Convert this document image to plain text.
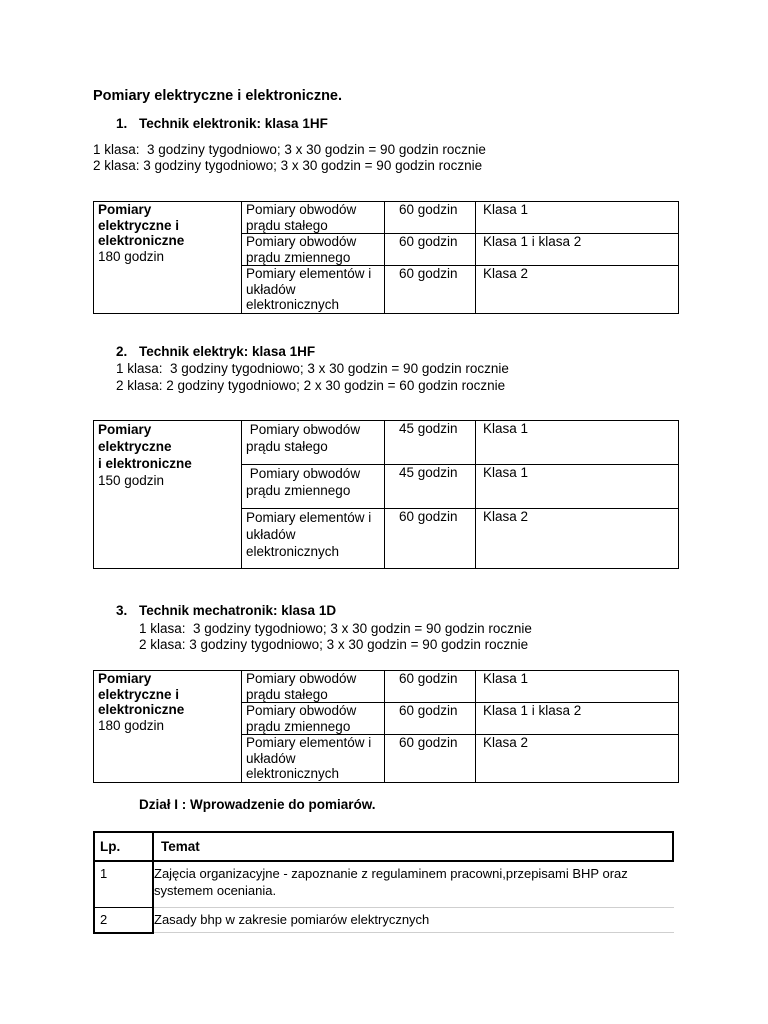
Pomiary elektryczne i elektroniczne.
1. Technik elektronik: klasa 1HF
1 klasa:  3 godziny tygodniowo; 3 x 30 godzin = 90 godzin rocznie
2 klasa: 3 godziny tygodniowo; 3 x 30 godzin = 90 godzin rocznie
Pomiary
elektryczne i
elektroniczne
180 godzin	Pomiary obwodów prądu stałego	60 godzin	Klasa 1
	Pomiary obwodów prądu zmiennego	60 godzin	Klasa 1 i klasa 2
	Pomiary elementów i układów elektronicznych	60 godzin	Klasa 2
2. Technik elektryk: klasa 1HF
1 klasa:  3 godziny tygodniowo; 3 x 30 godzin = 90 godzin rocznie
2 klasa: 2 godziny tygodniowo; 2 x 30 godzin = 60 godzin rocznie
Pomiary
elektryczne
i elektroniczne
150 godzin	Pomiary obwodów prądu stałego	45 godzin	Klasa 1
	Pomiary obwodów prądu zmiennego	45 godzin	Klasa 1
	Pomiary elementów i układów elektronicznych	60 godzin	Klasa 2
3. Technik mechatronik: klasa 1D
1 klasa:  3 godziny tygodniowo; 3 x 30 godzin = 90 godzin rocznie
2 klasa: 3 godziny tygodniowo; 3 x 30 godzin = 90 godzin rocznie
Pomiary
elektryczne i
elektroniczne
180 godzin	Pomiary obwodów prądu stałego	60 godzin	Klasa 1
	Pomiary obwodów prądu zmiennego	60 godzin	Klasa 1 i klasa 2
	Pomiary elementów i układów elektronicznych	60 godzin	Klasa 2
Dział I : Wprowadzenie do pomiarów.
Lp.	Temat
1	Zajęcia organizacyjne - zapoznanie z regulaminem pracowni,przepisami BHP oraz systemem oceniania.
2	Zasady bhp w zakresie pomiarów elektrycznych
